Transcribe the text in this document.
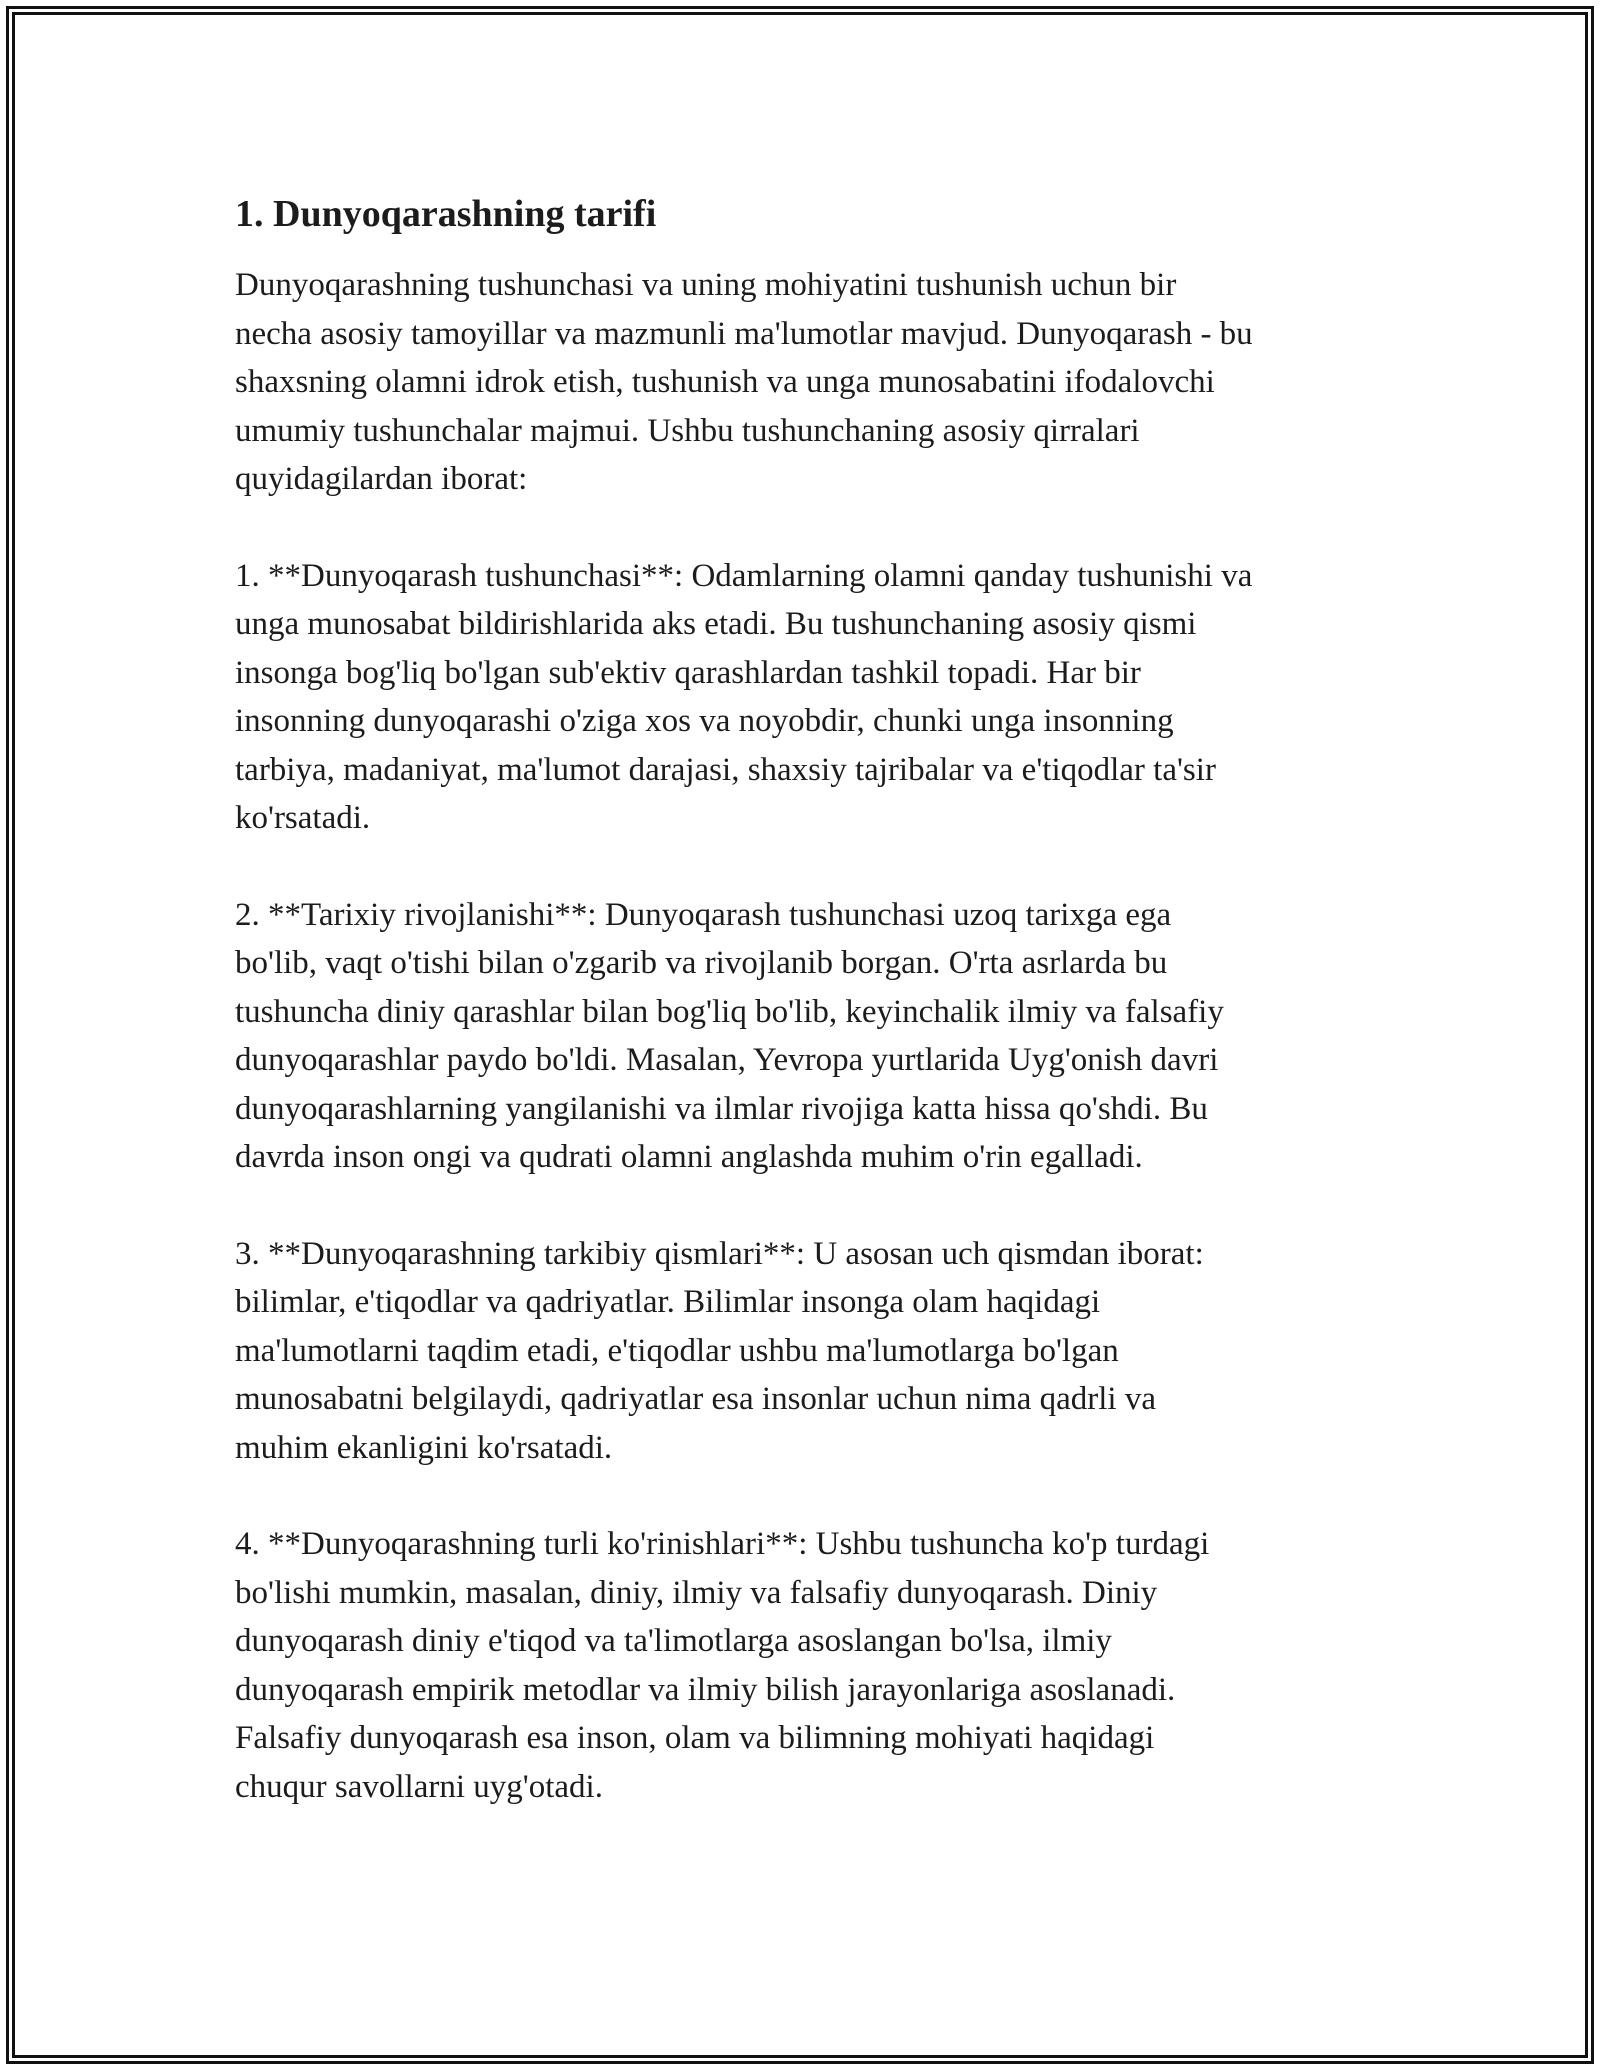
1. Dunyoqarashning tarifi

Dunyoqarashning tushunchasi va uning mohiyatini tushunish uchun bir
necha asosiy tamoyillar va mazmunli ma'lumotlar mavjud. Dunyoqarash - bu
shaxsning olamni idrok etish, tushunish va unga munosabatini ifodalovchi
umumiy tushunchalar majmui. Ushbu tushunchaning asosiy qirralari
quyidagilardan iborat:

1. **Dunyoqarash tushunchasi**: Odamlarning olamni qanday tushunishi va
unga munosabat bildirishlarida aks etadi. Bu tushunchaning asosiy qismi
insonga bog'liq bo'lgan sub'ektiv qarashlardan tashkil topadi. Har bir
insonning dunyoqarashi o'ziga xos va noyobdir, chunki unga insonning
tarbiya, madaniyat, ma'lumot darajasi, shaxsiy tajribalar va e'tiqodlar ta'sir
ko'rsatadi.

2. **Tarixiy rivojlanishi**: Dunyoqarash tushunchasi uzoq tarixga ega
bo'lib, vaqt o'tishi bilan o'zgarib va rivojlanib borgan. O'rta asrlarda bu
tushuncha diniy qarashlar bilan bog'liq bo'lib, keyinchalik ilmiy va falsafiy
dunyoqarashlar paydo bo'ldi. Masalan, Yevropa yurtlarida Uyg'onish davri
dunyoqarashlarning yangilanishi va ilmlar rivojiga katta hissa qo'shdi. Bu
davrda inson ongi va qudrati olamni anglashda muhim o'rin egalladi.

3. **Dunyoqarashning tarkibiy qismlari**: U asosan uch qismdan iborat:
bilimlar, e'tiqodlar va qadriyatlar. Bilimlar insonga olam haqidagi
ma'lumotlarni taqdim etadi, e'tiqodlar ushbu ma'lumotlarga bo'lgan
munosabatni belgilaydi, qadriyatlar esa insonlar uchun nima qadrli va
muhim ekanligini ko'rsatadi.

4. **Dunyoqarashning turli ko'rinishlari**: Ushbu tushuncha ko'p turdagi
bo'lishi mumkin, masalan, diniy, ilmiy va falsafiy dunyoqarash. Diniy
dunyoqarash diniy e'tiqod va ta'limotlarga asoslangan bo'lsa, ilmiy
dunyoqarash empirik metodlar va ilmiy bilish jarayonlariga asoslanadi.
Falsafiy dunyoqarash esa inson, olam va bilimning mohiyati haqidagi
chuqur savollarni uyg'otadi.
